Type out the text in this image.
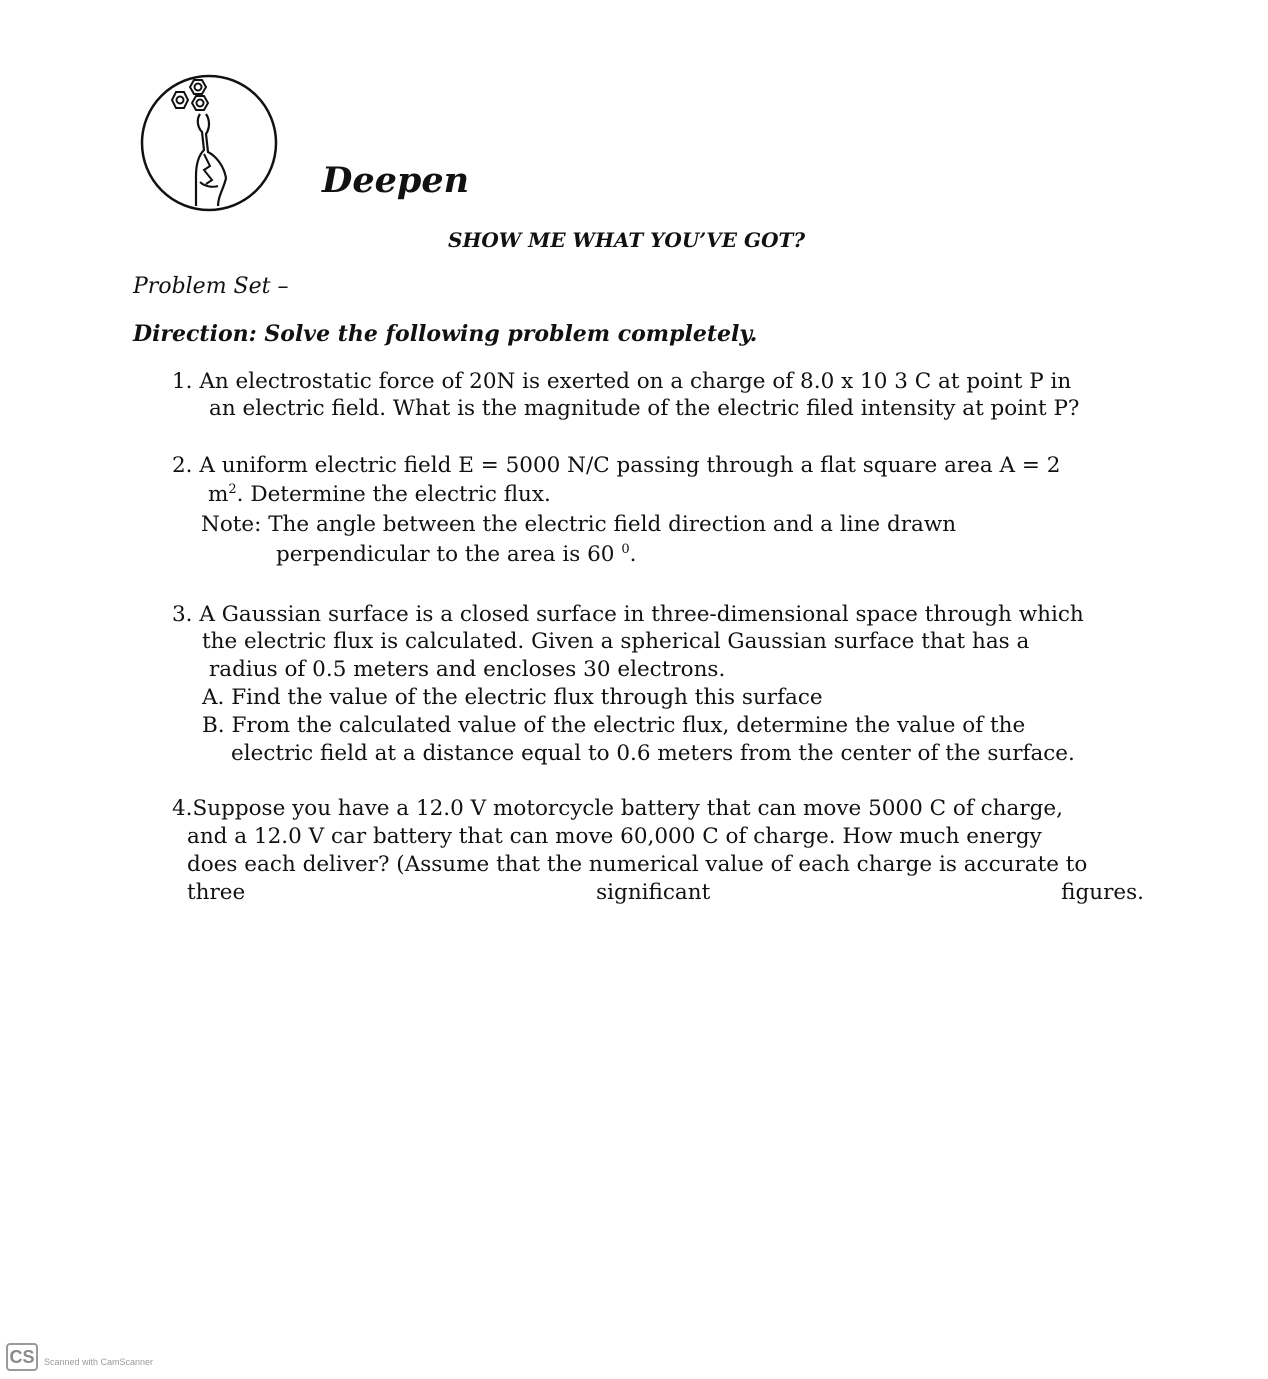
Deepen
SHOW ME WHAT YOU’VE GOT?
Problem Set –
Direction: Solve the following problem completely.
1. An electrostatic force of 20N is exerted on a charge of 8.0 x 10 3 C at point P in
an electric field. What is the magnitude of the electric filed intensity at point P?
2. A uniform electric field E = 5000 N/C passing through a flat square area A = 2
$m^2$. Determine the electric flux.
Note: The angle between the electric field direction and a line drawn
perpendicular to the area is 60 $^0$.
3. A Gaussian surface is a closed surface in three-dimensional space through which
the electric flux is calculated. Given a spherical Gaussian surface that has a
radius of 0.5 meters and encloses 30 electrons.
A. Find the value of the electric flux through this surface
B. From the calculated value of the electric flux, determine the value of the
electric field at a distance equal to 0.6 meters from the center of the surface.
4.Suppose you have a 12.0 V motorcycle battery that can move 5000 C of charge,
and a 12.0 V car battery that can move 60,000 C of charge. How much energy
does each deliver? (Assume that the numerical value of each charge is accurate to
three	significant	figures.
CS	Scanned with CamScanner
